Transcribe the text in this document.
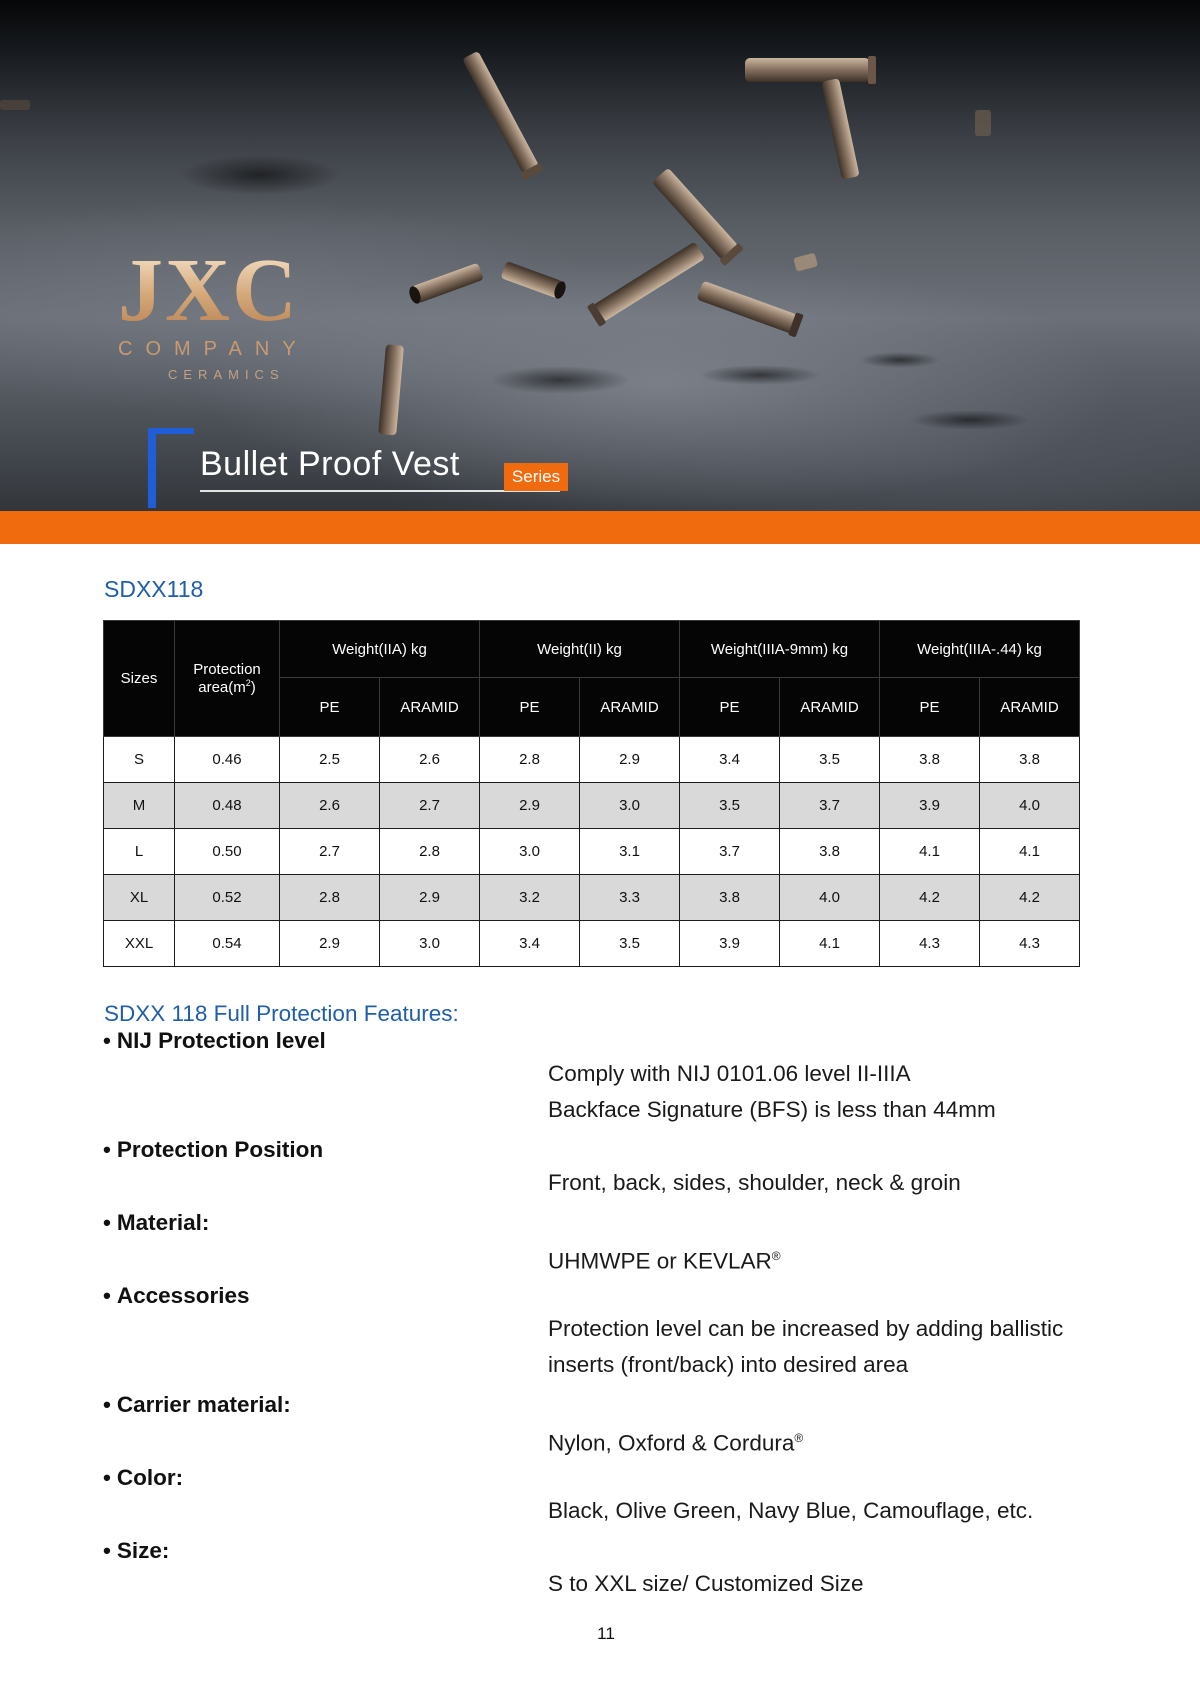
JXC
COMPANY
CERAMICS
Bullet Proof Vest	Series
SDXX118
Sizes	Protection $area(m^2)$	Weight(IIA) kg		Weight(II) kg		Weight(IIIA-9mm) kg		Weight(IIIA-.44) kg	
		PE	ARAMID	PE	ARAMID	PE	ARAMID	PE	ARAMID
S	0.46	2.5	2.6	2.8	2.9	3.4	3.5	3.8	3.8
M	0.48	2.6	2.7	2.9	3.0	3.5	3.7	3.9	4.0
L	0.50	2.7	2.8	3.0	3.1	3.7	3.8	4.1	4.1
XL	0.52	2.8	2.9	3.2	3.3	3.8	4.0	4.2	4.2
XXL	0.54	2.9	3.0	3.4	3.5	3.9	4.1	4.3	4.3
SDXX 118 Full Protection Features:
• NIJ Protection level
Comply with NIJ 0101.06 level II-IIIA
Backface Signature (BFS) is less than 44mm
• Protection Position
Front, back, sides, shoulder, neck & groin
• Material:
UHMWPE or KEVLAR®
• Accessories
Protection level can be increased by adding ballistic
inserts (front/back) into desired area
• Carrier material:
Nylon, Oxford & Cordura®
• Color:
Black, Olive Green, Navy Blue, Camouflage, etc.
• Size:
S to XXL size/ Customized Size
11
